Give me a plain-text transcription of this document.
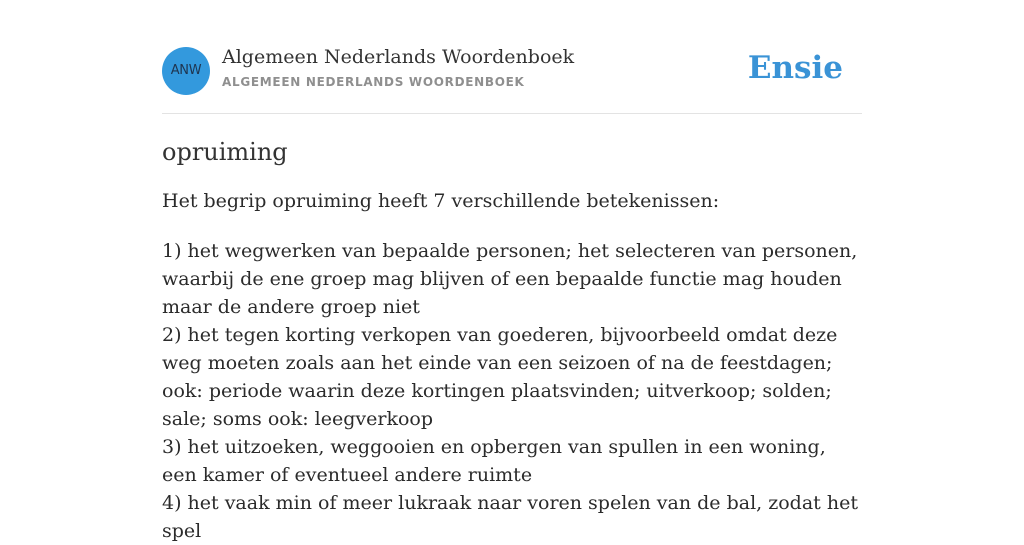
ANW
Algemeen Nederlands Woordenboek
ALGEMEEN NEDERLANDS WOORDENBOEK	Ensie
opruiming

Het begrip opruiming heeft 7 verschillende betekenissen:

1) het wegwerken van bepaalde personen; het selecteren van personen, waarbij de ene groep mag blijven of een bepaalde functie mag houden maar de andere groep niet
2) het tegen korting verkopen van goederen, bijvoorbeeld omdat deze weg moeten zoals aan het einde van een seizoen of na de feestdagen; ook: periode waarin deze kortingen plaatsvinden; uitverkoop; solden; sale; soms ook: leegverkoop
3) het uitzoeken, weggooien en opbergen van spullen in een woning, een kamer of eventueel andere ruimte
4) het vaak min of meer lukraak naar voren spelen van de bal, zodat het spel
